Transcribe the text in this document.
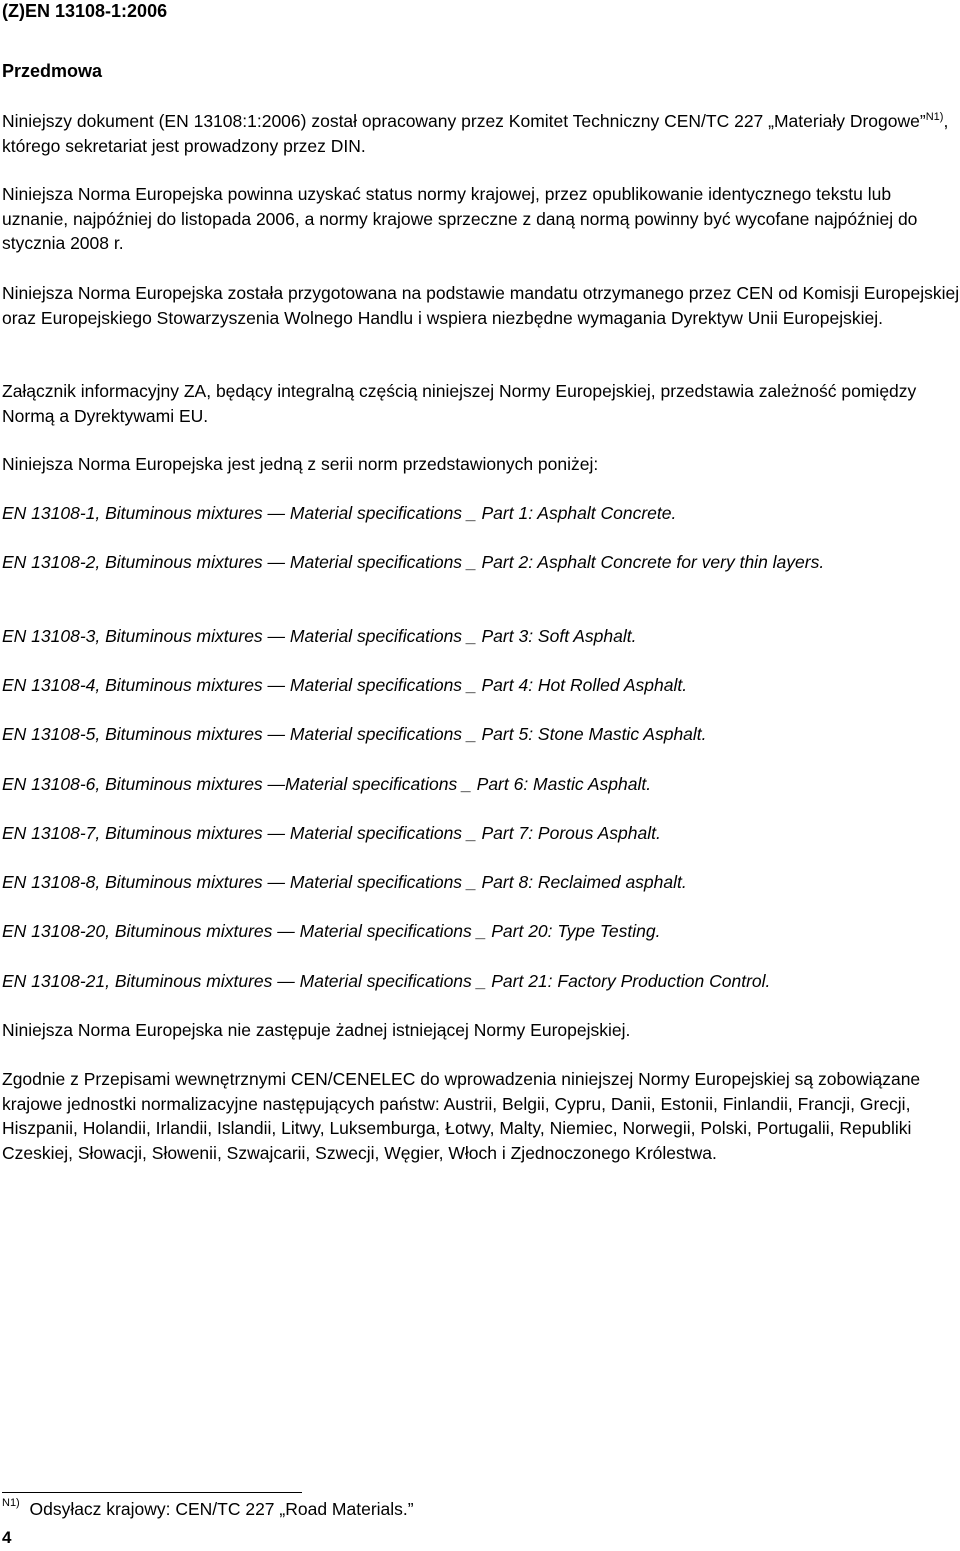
(Z)EN 13108-1:2006
Przedmowa
Niniejszy dokument (EN 13108:1:2006) został opracowany przez Komitet Techniczny CEN/TC 227 „Materiały Drogowe”$^{N1)}$, którego sekretariat jest prowadzony przez DIN.
Niniejsza Norma Europejska powinna uzyskać status normy krajowej, przez opublikowanie identycznego tekstu lub uznanie, najpóźniej do listopada 2006, a normy krajowe sprzeczne z daną normą powinny być wycofane najpóźniej do stycznia 2008 r.
Niniejsza Norma Europejska została przygotowana na podstawie mandatu otrzymanego przez CEN od Komisji Europejskiej oraz Europejskiego Stowarzyszenia Wolnego Handlu i wspiera niezbędne wymagania Dyrektyw Unii Europejskiej.
Załącznik informacyjny ZA, będący integralną częścią niniejszej Normy Europejskiej, przedstawia zależność pomiędzy Normą a Dyrektywami EU.
Niniejsza Norma Europejska jest jedną z serii norm przedstawionych poniżej:
EN 13108-1, Bituminous mixtures — Material specifications _ Part 1: Asphalt Concrete.
EN 13108-2, Bituminous mixtures — Material specifications _ Part 2: Asphalt Concrete for very thin layers.
EN 13108-3, Bituminous mixtures — Material specifications _ Part 3: Soft Asphalt.
EN 13108-4, Bituminous mixtures — Material specifications _ Part 4: Hot Rolled Asphalt.
EN 13108-5, Bituminous mixtures — Material specifications _ Part 5: Stone Mastic Asphalt.
EN 13108-6, Bituminous mixtures —Material specifications _ Part 6: Mastic Asphalt.
EN 13108-7, Bituminous mixtures — Material specifications _ Part 7: Porous Asphalt.
EN 13108-8, Bituminous mixtures — Material specifications _ Part 8: Reclaimed asphalt.
EN 13108-20, Bituminous mixtures — Material specifications _ Part 20: Type Testing.
EN 13108-21, Bituminous mixtures — Material specifications _ Part 21: Factory Production Control.
Niniejsza Norma Europejska nie zastępuje żadnej istniejącej Normy Europejskiej.
Zgodnie z Przepisami wewnętrznymi CEN/CENELEC do wprowadzenia niniejszej Normy Europejskiej są zobowiązane krajowe jednostki normalizacyjne następujących państw: Austrii, Belgii, Cypru, Danii, Estonii, Finlandii, Francji, Grecji, Hiszpanii, Holandii, Irlandii, Islandii, Litwy, Luksemburga, Łotwy, Malty, Niemiec, Norwegii, Polski, Portugalii, Republiki Czeskiej, Słowacji, Słowenii, Szwajcarii, Szwecji, Węgier, Włoch i Zjednoczonego Królestwa.
$^{N1)}$ Odsyłacz krajowy: CEN/TC 227 „Road Materials.”
4
